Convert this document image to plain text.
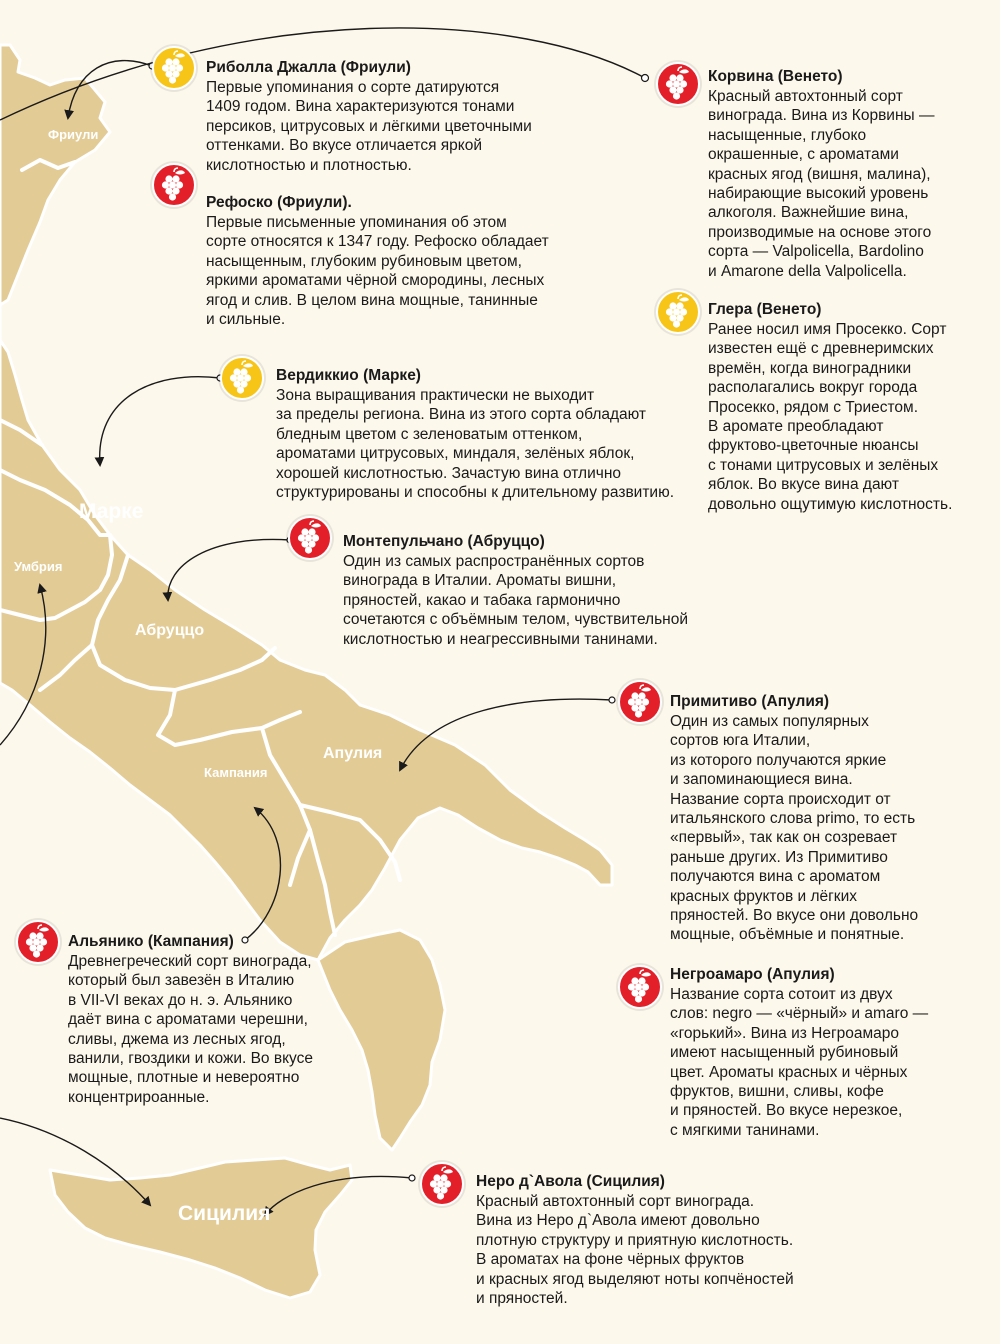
Фриули
Марке
Умбрия
Абруццо
Кампания
Апулия
Сицилия
Риболла Джалла (Фриули)
Первые упоминания о сорте датируются
1409 годом. Вина характеризуются тонами
персиков, цитрусовых и лёгкими цветочными
оттенками. Во вкусе отличается яркой
кислотностью и плотностью.
Рефоско (Фриули).
Первые письменные упоминания об этом
сорте относятся к 1347 году. Рефоско обладает
насыщенным, глубоким рубиновым цветом,
яркими ароматами чёрной смородины, лесных
ягод и слив. В целом вина мощные, танинные
и сильные.
Корвина (Венето)
Красный автохтонный сорт
винограда. Вина из Корвины —
насыщенные, глубоко
окрашенные, с ароматами
красных ягод (вишня, малина),
набирающие высокий уровень
алкоголя. Важнейшие вина,
производимые на основе этого
сорта — Valpolicella, Bardolino
и Amarone della Valpolicella.
Глера (Венето)
Ранее носил имя Просекко. Сорт
известен ещё с древнеримских
времён, когда виноградники
располагались вокруг города
Просекко, рядом с Триестом.
В аромате преобладают
фруктово-цветочные нюансы
с тонами цитрусовых и зелёных
яблок. Во вкусе вина дают
довольно ощутимую кислотность.
Вердиккио (Марке)
Зона выращивания практически не выходит
за пределы региона. Вина из этого сорта обладают
бледным цветом с зеленоватым оттенком,
ароматами цитрусовых, миндаля, зелёных яблок,
хорошей кислотностью. Зачастую вина отлично
структурированы и способны к длительному развитию.
Монтепульчано (Абруццо)
Один из самых распространённых сортов
винограда в Италии. Ароматы вишни,
пряностей, какао и табака гармонично
сочетаются с объёмным телом, чувствительной
кислотностью и неагрессивными танинами.
Примитиво (Апулия)
Один из самых популярных
сортов юга Италии,
из которого получаются яркие
и запоминающиеся вина.
Название сорта происходит от
итальянского слова primo, то есть
«первый», так как он созревает
раньше других. Из Примитиво
получаются вина с ароматом
красных фруктов и лёгких
пряностей. Во вкусе они довольно
мощные, объёмные и понятные.
Негроамаро (Апулия)
Название сорта сотоит из двух
слов: negro — «чёрный» и amaro —
«горький». Вина из Негроамаро
имеют насыщенный рубиновый
цвет. Ароматы красных и чёрных
фруктов, вишни, сливы, кофе
и пряностей. Во вкусе нерезкое,
с мягкими танинами.
Альянико (Кампания)
Древнегреческий сорт винограда,
который был завезён в Италию
в VII-VI веках до н. э. Альянико
даёт вина с ароматами черешни,
сливы, джема из лесных ягод,
ванили, гвоздики и кожи. Во вкусе
мощные, плотные и невероятно
концентрироанные.
Неро д`Авола (Сицилия)
Красный автохтонный сорт винограда.
Вина из Неро д`Авола имеют довольно
плотную структуру и приятную кислотность.
В ароматах на фоне чёрных фруктов
и красных ягод выделяют ноты копчёностей
и пряностей.
